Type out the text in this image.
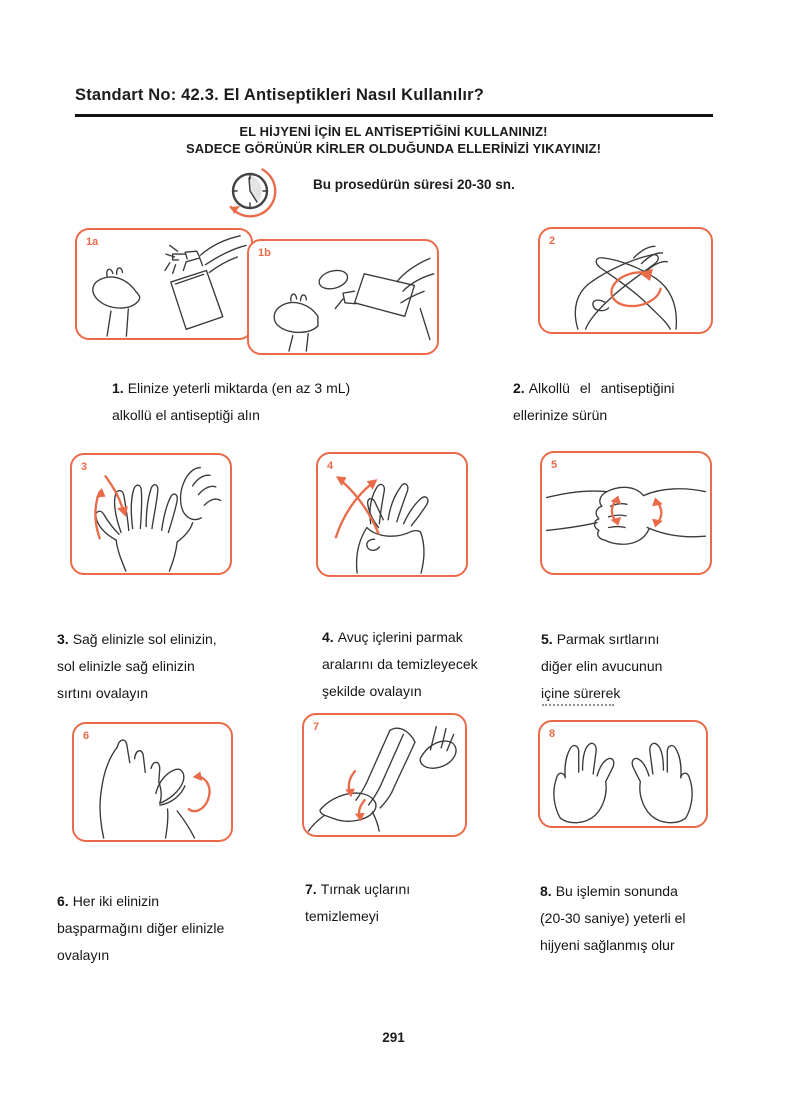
Standart No: 42.3. El Antiseptikleri Nasıl Kullanılır?
EL HİJYENİ İÇİN EL ANTİSEPTİĞİNİ KULLANINIZ!
SADECE GÖRÜNÜR KİRLER OLDUĞUNDA ELLERİNİZİ YIKAYINIZ!
Bu prosedürün süresi 20-30 sn.
1a
1b
2
3	4	5
6
7
8
1. Elinize yeterli miktarda (en az 3 mL)
alkollü el antiseptiği alın
2. Alkollü el antiseptiğini
ellerinize sürün
3. Sağ elinizle sol elinizin,
sol elinizle sağ elinizin
sırtını ovalayın
4. Avuç içlerini parmak
aralarını da temizleyecek
şekilde ovalayın
5. Parmak sırtlarını
diğer elin avucunun
içine sürerek
6. Her iki elinizin
başparmağını diğer elinizle
ovalayın
7. Tırnak uçlarını
temizlemeyi
8. Bu işlemin sonunda
(20-30 saniye) yeterli el
hijyeni sağlanmış olur
291
